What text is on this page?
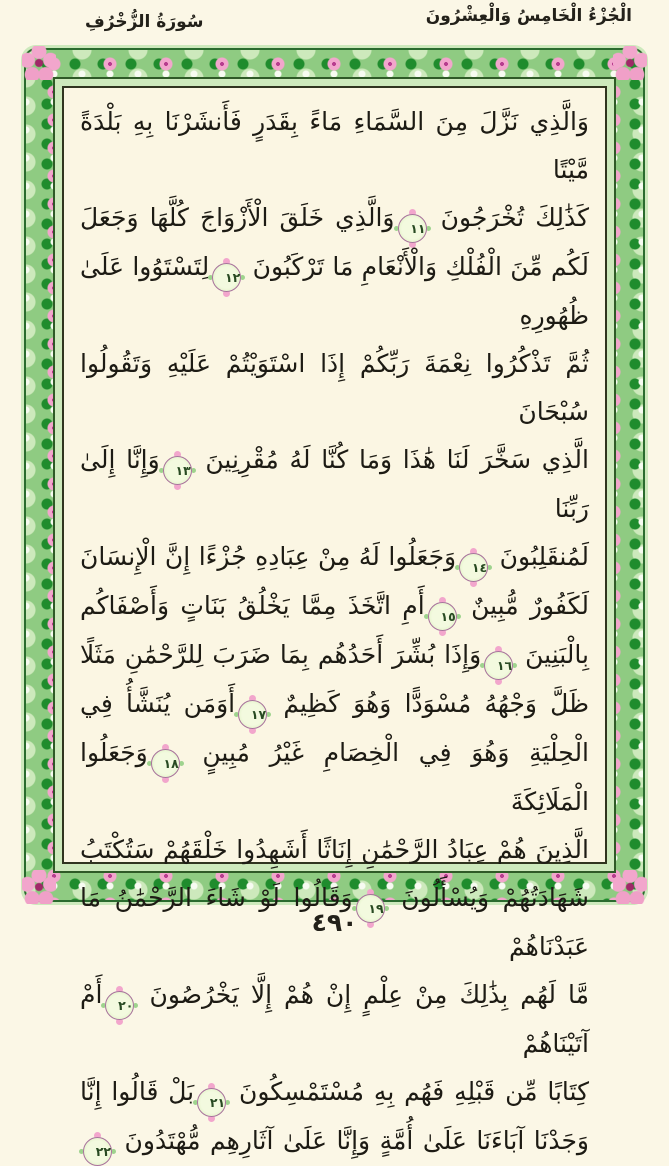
الْجُزْءُ الْخَامِسُ وَالْعِشْرُونَ
سُورَةُ الزُّخْرُفِ
وَالَّذِي نَزَّلَ مِنَ السَّمَاءِ مَاءً بِقَدَرٍ فَأَنشَرْنَا بِهِ بَلْدَةً مَّيْتًا
كَذَٰلِكَ تُخْرَجُونَ ١١وَالَّذِي خَلَقَ الْأَزْوَاجَ كُلَّهَا وَجَعَلَ
لَكُم مِّنَ الْفُلْكِ وَالْأَنْعَامِ مَا تَرْكَبُونَ ١٢لِتَسْتَوُوا عَلَىٰ ظُهُورِهِ
ثُمَّ تَذْكُرُوا نِعْمَةَ رَبِّكُمْ إِذَا اسْتَوَيْتُمْ عَلَيْهِ وَتَقُولُوا سُبْحَانَ
الَّذِي سَخَّرَ لَنَا هَٰذَا وَمَا كُنَّا لَهُ مُقْرِنِينَ ١٣وَإِنَّا إِلَىٰ رَبِّنَا
لَمُنقَلِبُونَ ١٤وَجَعَلُوا لَهُ مِنْ عِبَادِهِ جُزْءًا إِنَّ الْإِنسَانَ
لَكَفُورٌ مُّبِينٌ ١٥أَمِ اتَّخَذَ مِمَّا يَخْلُقُ بَنَاتٍ وَأَصْفَاكُم
بِالْبَنِينَ ١٦وَإِذَا بُشِّرَ أَحَدُهُم بِمَا ضَرَبَ لِلرَّحْمَٰنِ مَثَلًا
ظَلَّ وَجْهُهُ مُسْوَدًّا وَهُوَ كَظِيمٌ ١٧أَوَمَن يُنَشَّأُ فِي
الْحِلْيَةِ وَهُوَ فِي الْخِصَامِ غَيْرُ مُبِينٍ ١٨وَجَعَلُوا الْمَلَائِكَةَ
الَّذِينَ هُمْ عِبَادُ الرَّحْمَٰنِ إِنَاثًا أَشَهِدُوا خَلْقَهُمْ سَتُكْتَبُ
شَهَادَتُهُمْ وَيُسْأَلُونَ ١٩وَقَالُوا لَوْ شَاءَ الرَّحْمَٰنُ مَا عَبَدْنَاهُمْ
مَّا لَهُم بِذَٰلِكَ مِنْ عِلْمٍ إِنْ هُمْ إِلَّا يَخْرُصُونَ ٢٠أَمْ آتَيْنَاهُمْ
كِتَابًا مِّن قَبْلِهِ فَهُم بِهِ مُسْتَمْسِكُونَ ٢١بَلْ قَالُوا إِنَّا
وَجَدْنَا آبَاءَنَا عَلَىٰ أُمَّةٍ وَإِنَّا عَلَىٰ آثَارِهِم مُّهْتَدُونَ ٢٢
٤٩٠
